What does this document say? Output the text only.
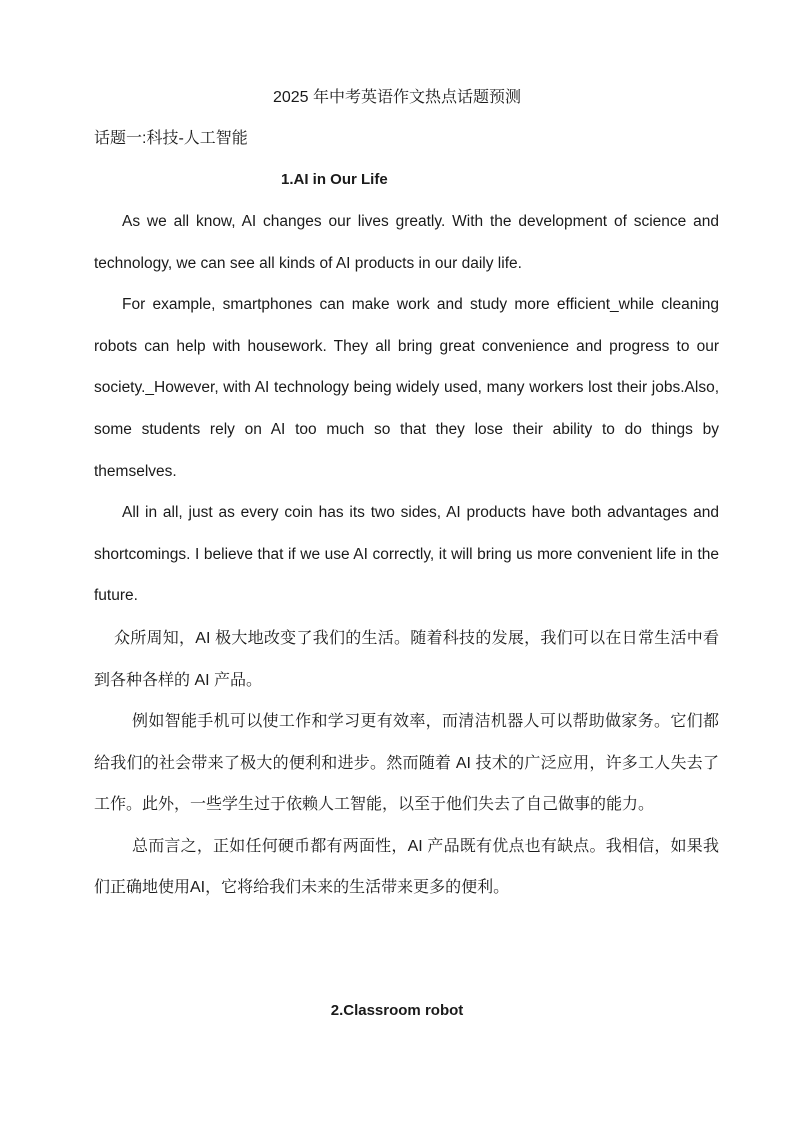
2025 年中考英语作文热点话题预测
话题一:科技-人工智能
1.AI in Our Life

As we all know, AI changes our lives greatly. With the development of science and technology, we can see all kinds of AI products in our daily life.

For example, smartphones can make work and study more efficient_while cleaning robots can help with housework. They all bring great convenience and progress to our society._However, with AI technology being widely used, many workers lost their jobs.Also, some students rely on AI too much so that they lose their ability to do things by themselves.

All in all, just as every coin has its two sides, AI products have both advantages and shortcomings. I believe that if we use AI correctly, it will bring us more convenient life in the future.

众所周知，AI 极大地改变了我们的生活。随着科技的发展，我们可以在日常生活中看到各种各样的 AI 产品。

例如智能手机可以使工作和学习更有效率，而清洁机器人可以帮助做家务。它们都给我们的社会带来了极大的便利和进步。然而随着 AI 技术的广泛应用，许多工人失去了工作。此外，一些学生过于依赖人工智能，以至于他们失去了自己做事的能力。

总而言之，正如任何硬币都有两面性，AI 产品既有优点也有缺点。我相信，如果我们正确地使用AI，它将给我们未来的生活带来更多的便利。

2.Classroom robot
